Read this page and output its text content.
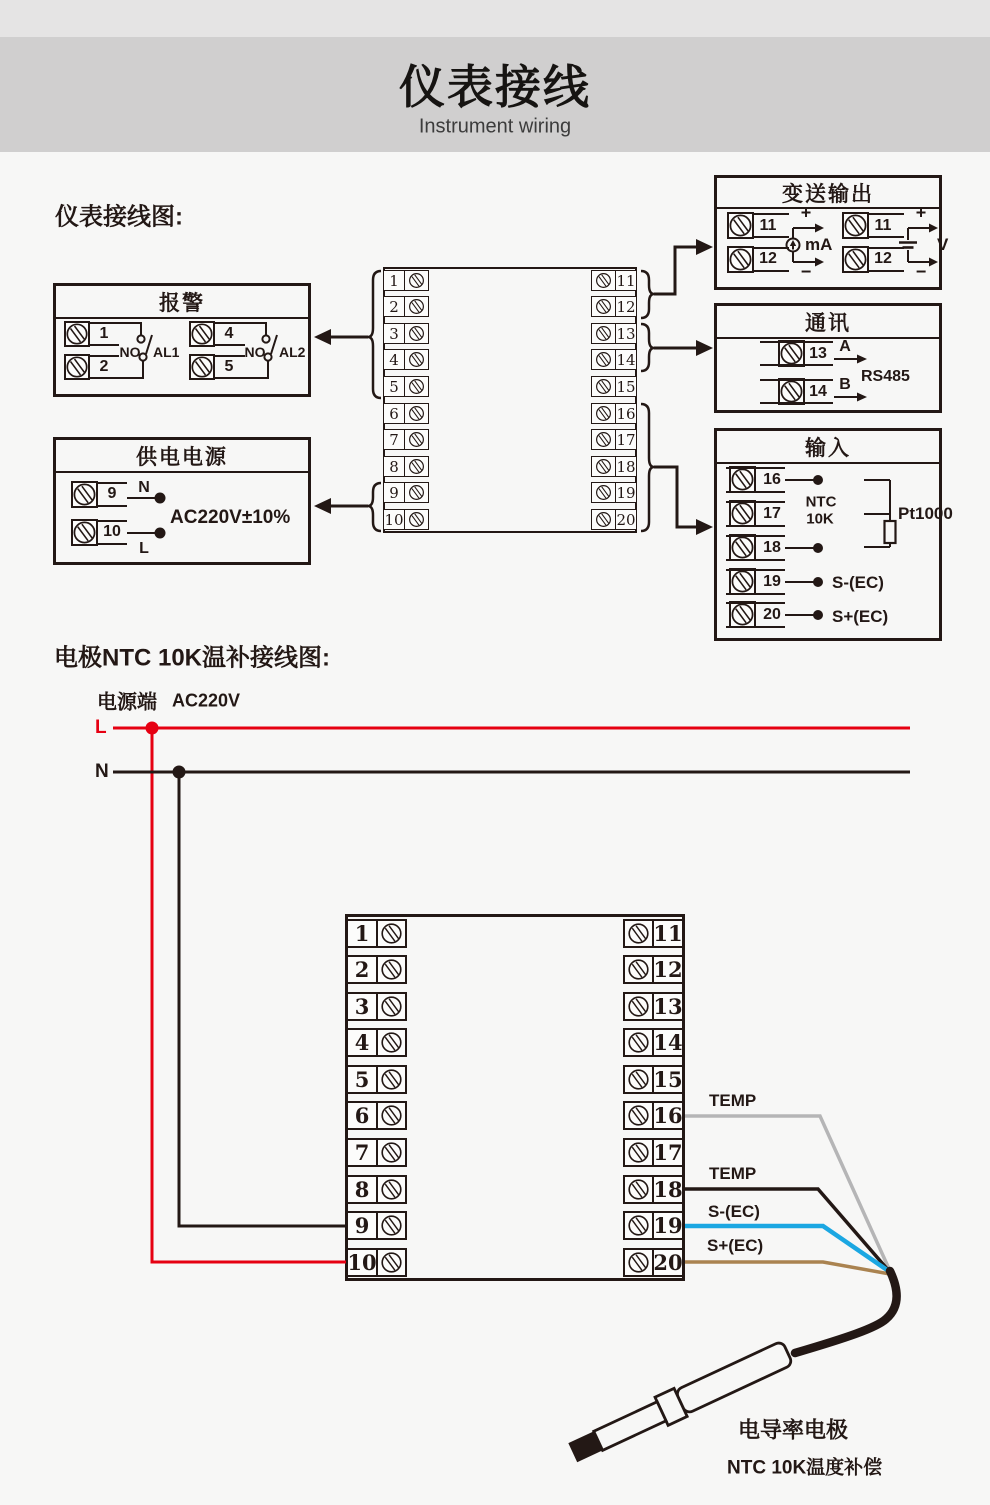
仪表接线
Instrument wiring
仪表接线图:
电极NTC 10K温补接线图:
电源端 AC220V
L
N
报警
1
2
NO AL1
4
5
NO AL2
供电电源
9
10
N
L
AC220V±10%
变送输出
11
12
+
−
mA
11
12
+
−
V
通讯
13
14
A
B RS485
输入
16
17
18
19
20
NTC
10K	Pt1000
S-(EC)
S+(EC)
1
2
3
4
5
6
7
8
9
10
11
12
13
14
15
16
17
18
19
20
1
2
3
4
5
6
7
8
9
10
11
12
13
14
15
16
17
18
19
20
TEMP
TEMP
S-(EC)
S+(EC)
电导率电极
NTC 10K温度补偿
